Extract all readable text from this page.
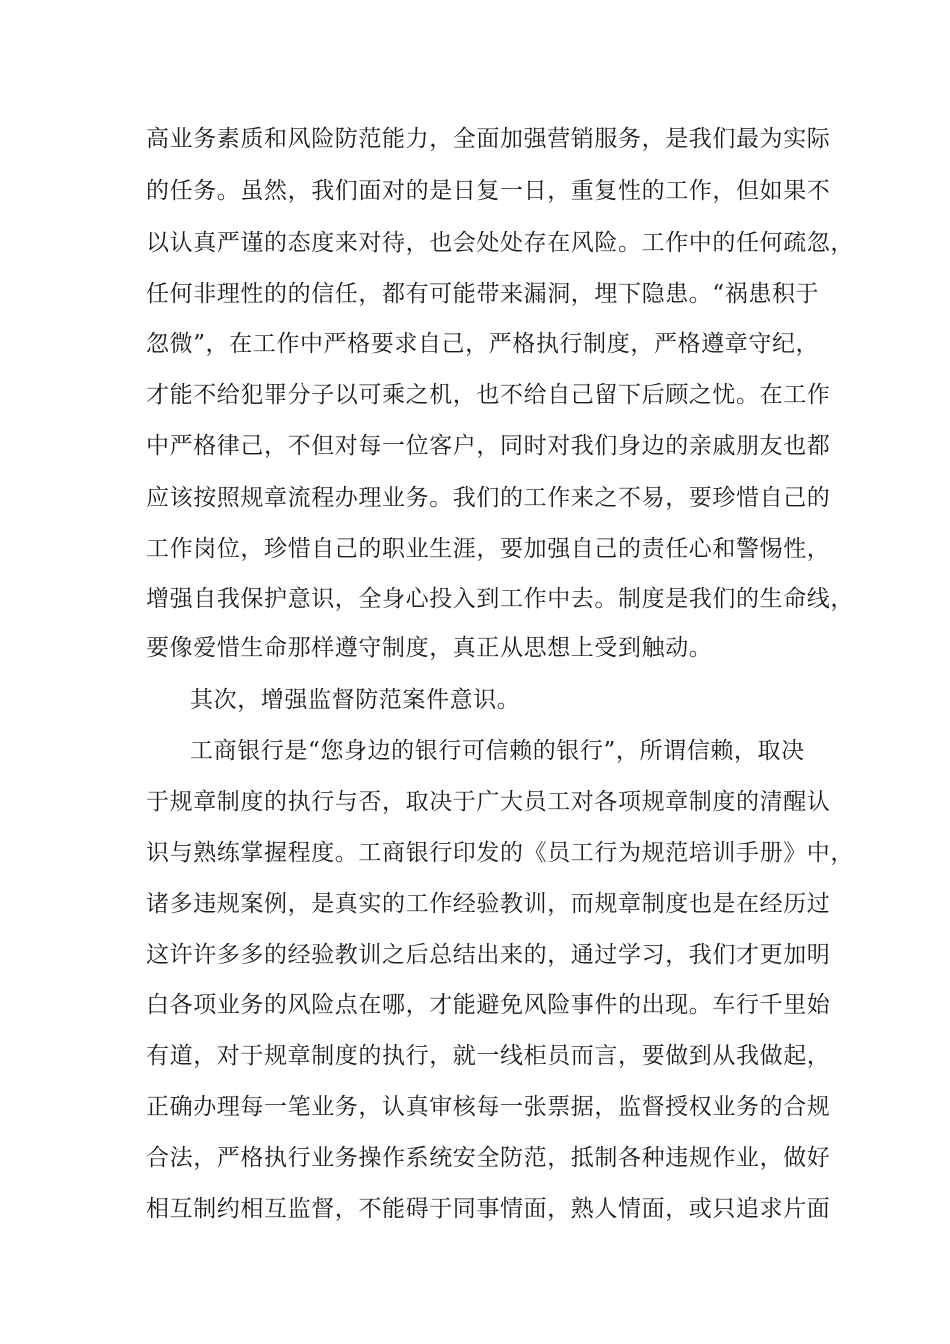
高业务素质和风险防范能力，全面加强营销服务，是我们最为实际
的任务。虽然，我们面对的是日复一日，重复性的工作，但如果不
以认真严谨的态度来对待，也会处处存在风险。工作中的任何疏忽，
任何非理性的的信任，都有可能带来漏洞，埋下隐患。“祸患积于
忽微”，在工作中严格要求自己，严格执行制度，严格遵章守纪，
才能不给犯罪分子以可乘之机，也不给自己留下后顾之忧。在工作
中严格律己，不但对每一位客户，同时对我们身边的亲戚朋友也都
应该按照规章流程办理业务。我们的工作来之不易，要珍惜自己的
工作岗位，珍惜自己的职业生涯，要加强自己的责任心和警惕性，
增强自我保护意识，全身心投入到工作中去。制度是我们的生命线，
要像爱惜生命那样遵守制度，真正从思想上受到触动。
其次，增强监督防范案件意识。
工商银行是“您身边的银行可信赖的银行”，所谓信赖，取决
于规章制度的执行与否，取决于广大员工对各项规章制度的清醒认
识与熟练掌握程度。工商银行印发的《员工行为规范培训手册》中，
诸多违规案例，是真实的工作经验教训，而规章制度也是在经历过
这许许多多的经验教训之后总结出来的，通过学习，我们才更加明
白各项业务的风险点在哪，才能避免风险事件的出现。车行千里始
有道，对于规章制度的执行，就一线柜员而言，要做到从我做起，
正确办理每一笔业务，认真审核每一张票据，监督授权业务的合规
合法，严格执行业务操作系统安全防范，抵制各种违规作业，做好
相互制约相互监督，不能碍于同事情面，熟人情面，或只追求片面
